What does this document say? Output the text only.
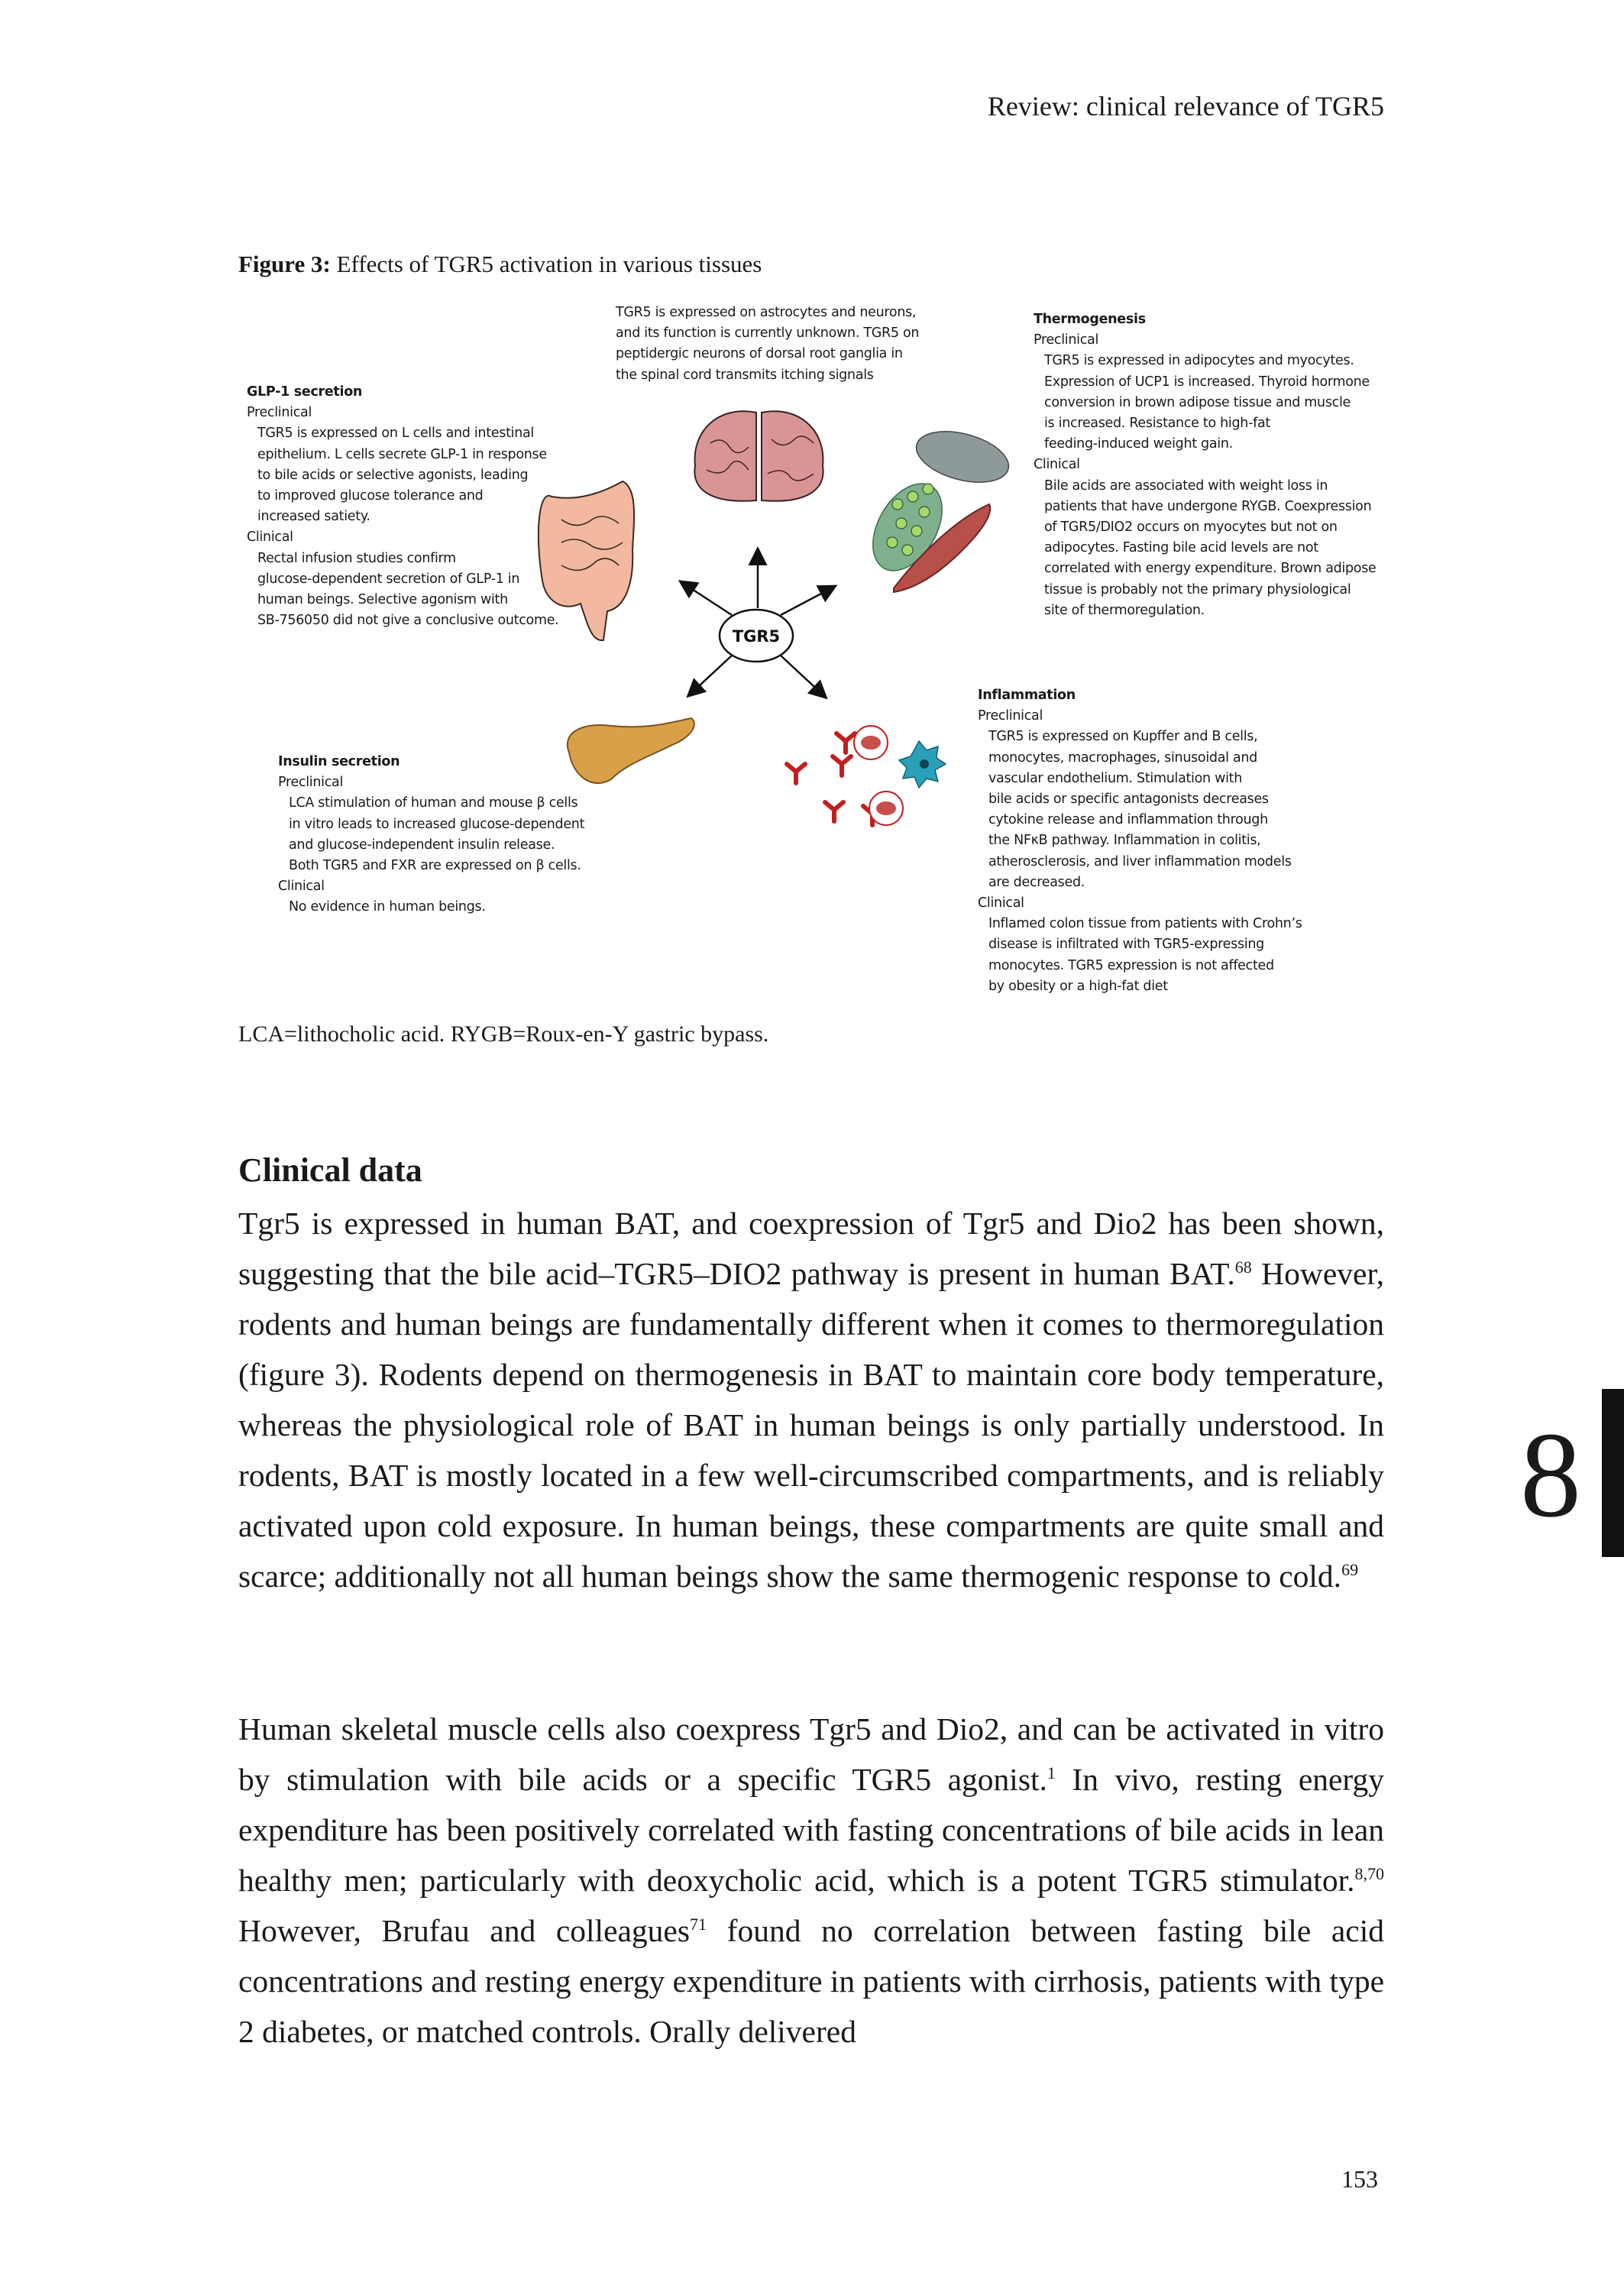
Review: clinical relevance of TGR5
Figure 3: Effects of TGR5 activation in various tissues
TGR5
TGR5 is expressed on astrocytes and neurons,
and its function is currently unknown. TGR5 on
peptidergic neurons of dorsal root ganglia in
the spinal cord transmits itching signals
GLP-1 secretion
Preclinical
TGR5 is expressed on L cells and intestinal
epithelium. L cells secrete GLP-1 in response
to bile acids or selective agonists, leading
to improved glucose tolerance and
increased satiety.
Clinical
Rectal infusion studies confirm
glucose-dependent secretion of GLP-1 in
human beings. Selective agonism with
SB-756050 did not give a conclusive outcome.
Thermogenesis
Preclinical
TGR5 is expressed in adipocytes and myocytes.
Expression of UCP1 is increased. Thyroid hormone
conversion in brown adipose tissue and muscle
is increased. Resistance to high-fat
feeding-induced weight gain.
Clinical
Bile acids are associated with weight loss in
patients that have undergone RYGB. Coexpression
of TGR5/DIO2 occurs on myocytes but not on
adipocytes. Fasting bile acid levels are not
correlated with energy expenditure. Brown adipose
tissue is probably not the primary physiological
site of thermoregulation.
Insulin secretion
Preclinical
LCA stimulation of human and mouse β cells
in vitro leads to increased glucose-dependent
and glucose-independent insulin release.
Both TGR5 and FXR are expressed on β cells.
Clinical
No evidence in human beings.
Inflammation
Preclinical
TGR5 is expressed on Kupffer and B cells,
monocytes, macrophages, sinusoidal and
vascular endothelium. Stimulation with
bile acids or specific antagonists decreases
cytokine release and inflammation through
the NFκB pathway. Inflammation in colitis,
atherosclerosis, and liver inflammation models
are decreased.
Clinical
Inflamed colon tissue from patients with Crohn’s
disease is infiltrated with TGR5-expressing
monocytes. TGR5 expression is not affected
by obesity or a high-fat diet
LCA=lithocholic acid. RYGB=Roux-en-Y gastric bypass.
Clinical data
Tgr5 is expressed in human BAT, and coexpression of Tgr5 and Dio2 has been shown, suggesting that the bile acid–TGR5–DIO2 pathway is present in human BAT.$^{68}$ However, rodents and human beings are fundamentally different when it comes to thermoregulation (figure 3). Rodents depend on thermogenesis in BAT to maintain core body temperature, whereas the physiological role of BAT in human beings is only partially understood. In rodents, BAT is mostly located in a few well-circumscribed compartments, and is reliably activated upon cold exposure. In human beings, these compartments are quite small and scarce; additionally not all human beings show the same thermogenic response to cold.$^{69}$
Human skeletal muscle cells also coexpress Tgr5 and Dio2, and can be activated in vitro by stimulation with bile acids or a specific TGR5 agonist.$^1$ In vivo, resting energy expenditure has been positively correlated with fasting concentrations of bile acids in lean healthy men; particularly with deoxycholic acid, which is a potent TGR5 stimulator.$^{8,70}$ However, Brufau and colleagues$^{71}$ found no correlation between fasting bile acid concentrations and resting energy expenditure in patients with cirrhosis, patients with type 2 diabetes, or matched controls. Orally delivered
8
153
